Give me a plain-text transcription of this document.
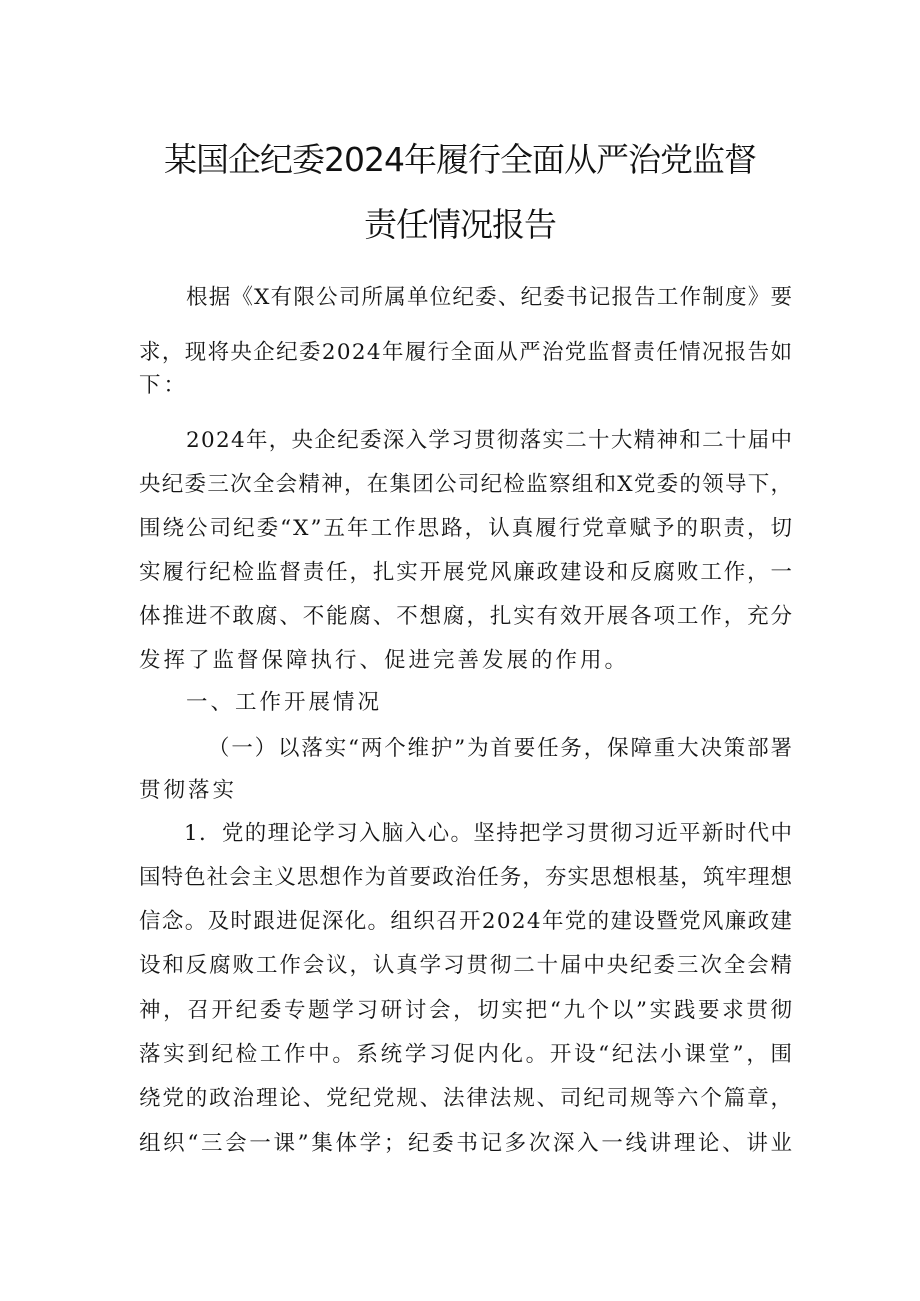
某国企纪委2024年履行全面从严治党监督
责任情况报告
根据《X有限公司所属单位纪委、纪委书记报告工作制度》要
求，现将央企纪委2024年履行全面从严治党监督责任情况报告如
下：
2024年，央企纪委深入学习贯彻落实二十大精神和二十届中
央纪委三次全会精神，在集团公司纪检监察组和X党委的领导下，
围绕公司纪委“X”五年工作思路，认真履行党章赋予的职责，切
实履行纪检监督责任，扎实开展党风廉政建设和反腐败工作，一
体推进不敢腐、不能腐、不想腐，扎实有效开展各项工作，充分
发挥了监督保障执行、促进完善发展的作用。
一、工作开展情况
（一）以落实“两个维护”为首要任务，保障重大决策部署
贯彻落实
1．党的理论学习入脑入心。坚持把学习贯彻习近平新时代中
国特色社会主义思想作为首要政治任务，夯实思想根基，筑牢理想
信念。及时跟进促深化。组织召开2024年党的建设暨党风廉政建
设和反腐败工作会议，认真学习贯彻二十届中央纪委三次全会精
神，召开纪委专题学习研讨会，切实把“九个以”实践要求贯彻
落实到纪检工作中。系统学习促内化。开设“纪法小课堂”，围
绕党的政治理论、党纪党规、法律法规、司纪司规等六个篇章，
组织“三会一课”集体学；纪委书记多次深入一线讲理论、讲业
